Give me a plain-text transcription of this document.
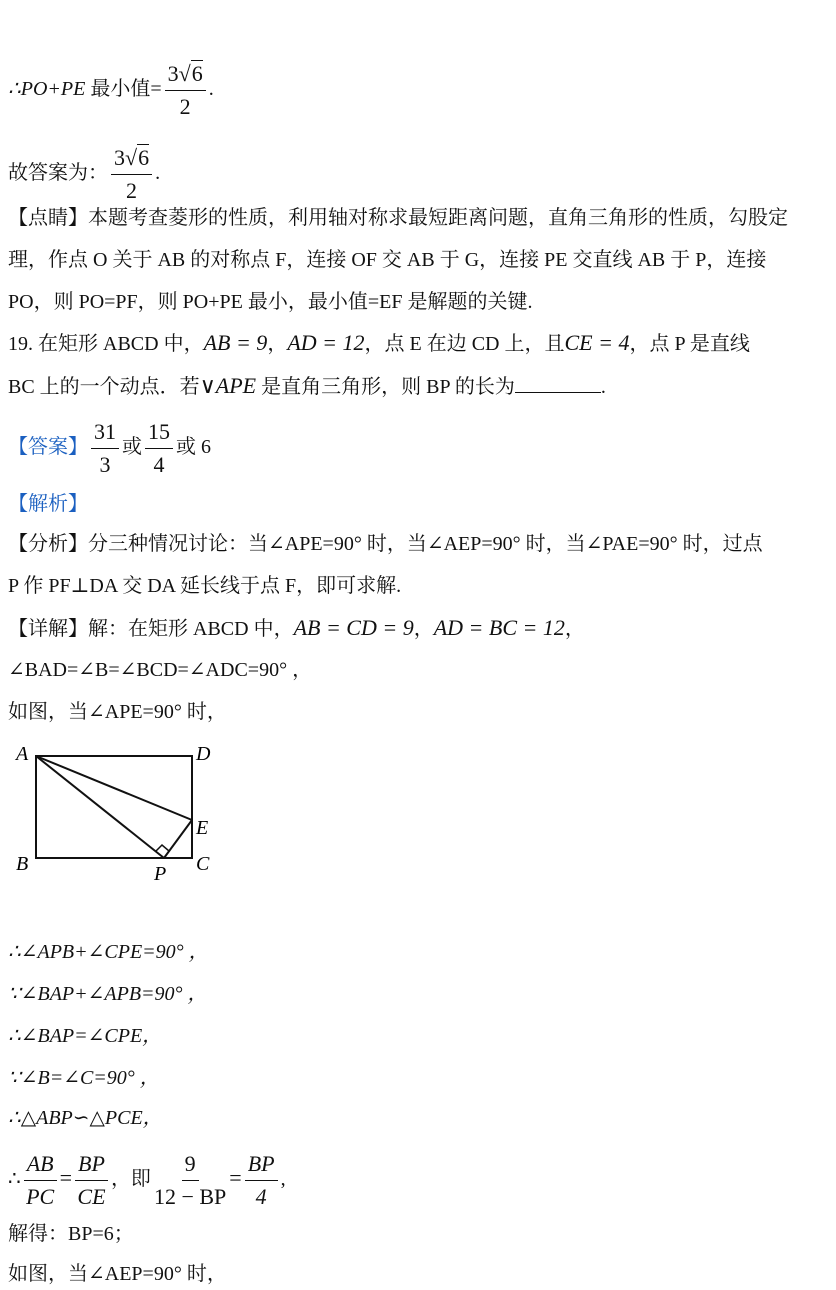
∴PO+PE 最小值= $\frac{3√6}{2}$ .
故答案为： $\frac{3√6}{2}$ .
【点睛】本题考查菱形的性质，利用轴对称求最短距离问题，直角三角形的性质，勾股定
理，作点 O 关于 AB 的对称点 F，连接 OF 交 AB 于 G，连接 PE 交直线 AB 于 P，连接
PO，则 PO=PF，则 PO+PE 最小，最小值=EF 是解题的关键.
19. 在矩形 ABCD 中，AB = 9，AD = 12，点 E 在边 CD 上，且CE = 4，点 P 是直线
BC 上的一个动点．若∨APE 是直角三角形，则 BP 的长为	.
【答案】 $\frac{31}{3}$ 或 $\frac{15}{4}$ 或 6
【解析】
【分析】分三种情况讨论：当∠APE=90° 时，当∠AEP=90° 时，当∠PAE=90° 时，过点
P 作 PF⊥DA 交 DA 延长线于点 F，即可求解.
【详解】解：在矩形 ABCD 中，AB = CD = 9，AD = BC = 12，
∠BAD=∠B=∠BCD=∠ADC=90° ，
如图，当∠APE=90° 时，
A	D
E
B	P C
∴∠APB+∠CPE=90° ，
∵∠BAP+∠APB=90° ，
∴∠BAP=∠CPE，
∵∠B=∠C=90° ，
∴△ABP∽△PCE，
∴ $\frac{AB}{PC} = \frac{BP}{CE}$ ，即 $\frac{9}{12 - BP} = \frac{BP}{4}$ ,
解得：BP=6；
如图，当∠AEP=90° 时，
